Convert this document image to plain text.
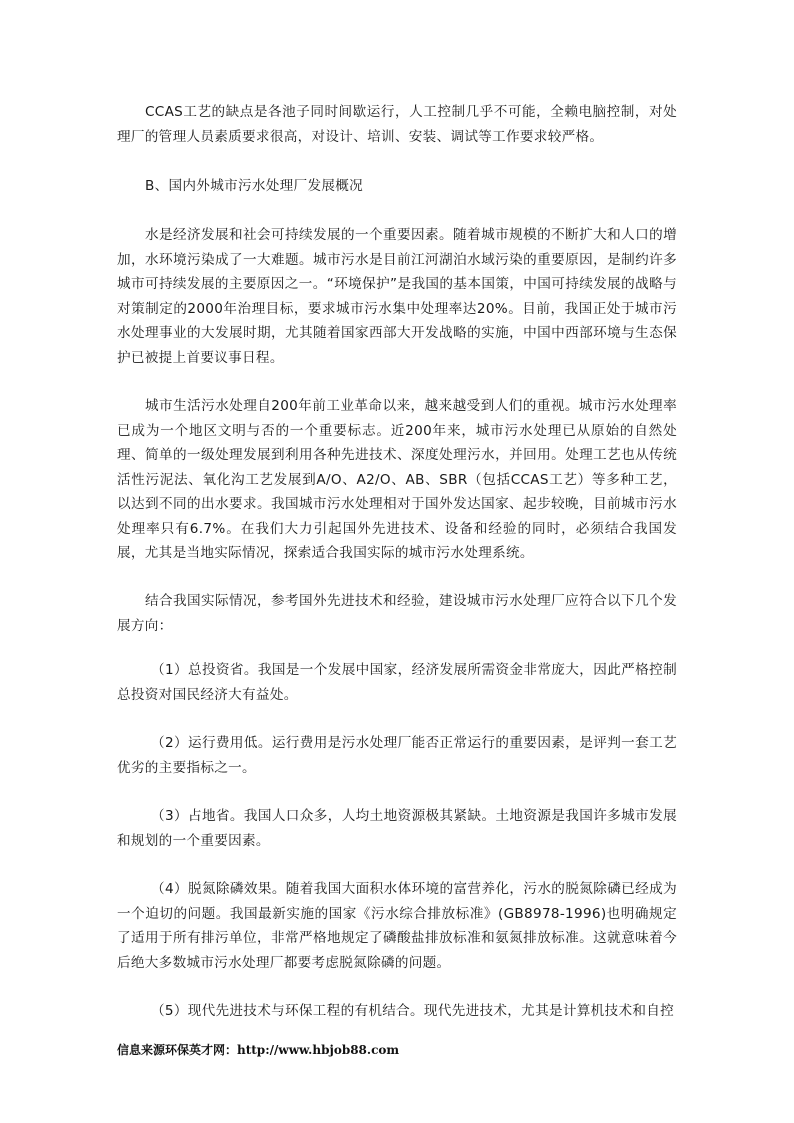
CCAS工艺的缺点是各池子同时间歇运行，人工控制几乎不可能，全赖电脑控制，对处理厂的管理人员素质要求很高，对设计、培训、安装、调试等工作要求较严格。

B、国内外城市污水处理厂发展概况

水是经济发展和社会可持续发展的一个重要因素。随着城市规模的不断扩大和人口的增加，水环境污染成了一大难题。城市污水是目前江河湖泊水域污染的重要原因，是制约许多城市可持续发展的主要原因之一。“环境保护”是我国的基本国策，中国可持续发展的战略与对策制定的2000年治理目标，要求城市污水集中处理率达20%。目前，我国正处于城市污水处理事业的大发展时期，尤其随着国家西部大开发战略的实施，中国中西部环境与生态保护已被提上首要议事日程。

城市生活污水处理自200年前工业革命以来，越来越受到人们的重视。城市污水处理率已成为一个地区文明与否的一个重要标志。近200年来，城市污水处理已从原始的自然处理、简单的一级处理发展到利用各种先进技术、深度处理污水，并回用。处理工艺也从传统活性污泥法、氧化沟工艺发展到A/O、A2/O、AB、SBR（包括CCAS工艺）等多种工艺，以达到不同的出水要求。我国城市污水处理相对于国外发达国家、起步较晚，目前城市污水处理率只有6.7%。在我们大力引起国外先进技术、设备和经验的同时，必须结合我国发展，尤其是当地实际情况，探索适合我国实际的城市污水处理系统。

结合我国实际情况，参考国外先进技术和经验，建设城市污水处理厂应符合以下几个发展方向：

（1）总投资省。我国是一个发展中国家，经济发展所需资金非常庞大，因此严格控制总投资对国民经济大有益处。

（2）运行费用低。运行费用是污水处理厂能否正常运行的重要因素，是评判一套工艺优劣的主要指标之一。

（3）占地省。我国人口众多，人均土地资源极其紧缺。土地资源是我国许多城市发展和规划的一个重要因素。

（4）脱氮除磷效果。随着我国大面积水体环境的富营养化，污水的脱氮除磷已经成为一个迫切的问题。我国最新实施的国家《污水综合排放标准》(GB8978-1996)也明确规定了适用于所有排污单位，非常严格地规定了磷酸盐排放标准和氨氮排放标准。这就意味着今后绝大多数城市污水处理厂都要考虑脱氮除磷的问题。

（5）现代先进技术与环保工程的有机结合。现代先进技术，尤其是计算机技术和自控

信息来源环保英才网：http://www.hbjob88.com
